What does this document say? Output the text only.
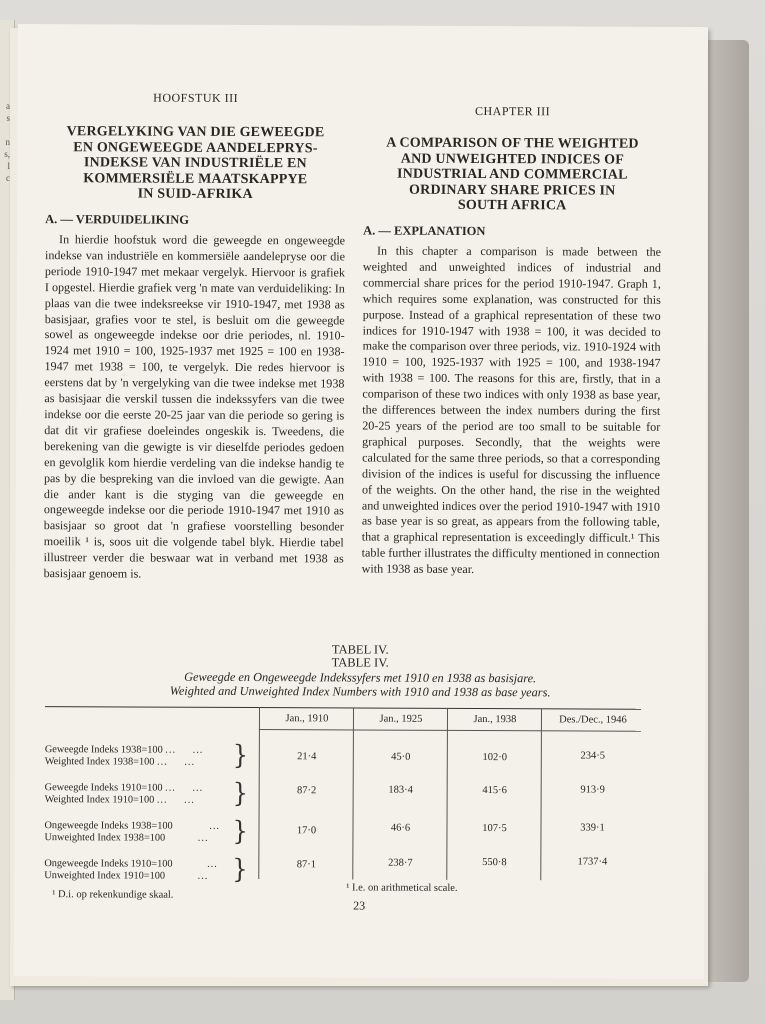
a
s

n
s,
l
c

HOOFSTUK III

VERGELYKING VAN DIE GEWEEGDE
EN ONGEWEEGDE AANDELEPRYS-
INDEKSE VAN INDUSTRIËLE EN
KOMMERSIËLE MAATSKAPPYE
IN SUID-AFRIKA

A. — VERDUIDELIKING

In hierdie hoofstuk word die geweegde en ongeweegde indekse van industriële en kommersiële aandelepryse oor die periode 1910-1947 met mekaar vergelyk. Hiervoor is grafiek I opgestel. Hierdie grafiek verg 'n mate van verduideliking: In plaas van die twee indeksreekse vir 1910-1947, met 1938 as basisjaar, grafies voor te stel, is besluit om die geweegde sowel as ongeweegde indekse oor drie periodes, nl. 1910-1924 met 1910 = 100, 1925-1937 met 1925 = 100 en 1938-1947 met 1938 = 100, te vergelyk. Die redes hiervoor is eerstens dat by 'n vergelyking van die twee indekse met 1938 as basisjaar die verskil tussen die indekssyfers van die twee indekse oor die eerste 20-25 jaar van die periode so gering is dat dit vir grafiese doeleindes ongeskik is. Tweedens, die berekening van die gewigte is vir dieselfde periodes gedoen en gevolglik kom hierdie verdeling van die indekse handig te pas by die bespreking van die invloed van die gewigte. Aan die ander kant is die styging van die geweegde en ongeweegde indekse oor die periode 1910-1947 met 1910 as basisjaar so groot dat 'n grafiese voorstelling besonder moeilik ¹ is, soos uit die volgende tabel blyk. Hierdie tabel illustreer verder die beswaar wat in verband met 1938 as basisjaar genoem is.

CHAPTER III

A COMPARISON OF THE WEIGHTED
AND UNWEIGHTED INDICES OF
INDUSTRIAL AND COMMERCIAL
ORDINARY SHARE PRICES IN
SOUTH AFRICA

A. — EXPLANATION

In this chapter a comparison is made between the weighted and unweighted indices of industrial and commercial share prices for the period 1910-1947. Graph 1, which requires some explanation, was constructed for this purpose. Instead of a graphical representation of these two indices for 1910-1947 with 1938 = 100, it was decided to make the comparison over three periods, viz. 1910-1924 with 1910 = 100, 1925-1937 with 1925 = 100, and 1938-1947 with 1938 = 100. The reasons for this are, firstly, that in a comparison of these two indices with only 1938 as base year, the differences between the index numbers during the first 20-25 years of the period are too small to be suitable for graphical purposes. Secondly, that the weights were calculated for the same three periods, so that a corresponding division of the indices is useful for discussing the influence of the weights. On the other hand, the rise in the weighted and unweighted indices over the period 1910-1947 with 1910 as base year is so great, as appears from the following table, that a graphical representation is exceedingly difficult.¹ This table further illustrates the difficulty mentioned in connection with 1938 as base year.

TABEL IV.

TABLE IV.

Geweegde en Ongeweegde Indekssyfers met 1910 en 1938 as basisjare.

Weighted and Unweighted Index Numbers with 1910 and 1938 as base years.

Jan., 1910	Jan., 1925	Jan., 1938	Des./Dec., 1946
Geweegde Indeks 1938=100 ... ...
Weighted Index 1938=100 ... ...	}	21·4	45·0	102·0	234·5
Geweegde Indeks 1910=100 ... ...
Weighted Index 1910=100 ... ...	}	87·2	183·4	415·6	913·9
Ongeweegde Indeks 1938=100	...
Unweighted Index 1938=100	... }	17·0	46·6	107·5	339·1
Ongeweegde Indeks 1910=100	...
Unweighted Index 1910=100	... }	87·1	238·7	550·8	1737·4

¹ D.i. op rekenkundige skaal.

¹ I.e. on arithmetical scale.

23
